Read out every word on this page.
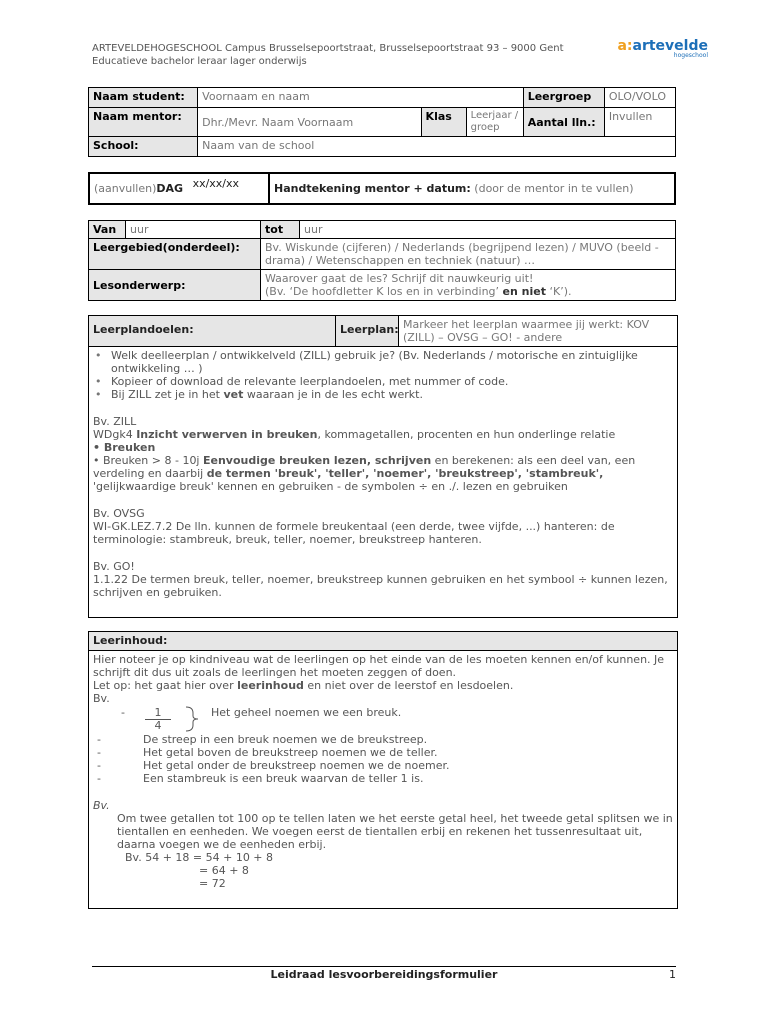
ARTEVELDEHOGESCHOOL Campus Brusselsepoortstraat, Brusselsepoortstraat 93 – 9000 Gent
Educatieve bachelor leraar lager onderwijs
a:artevelde
hogeschool
Naam student:	Voornaam en naam			Leergroep	OLO/VOLO
Naam mentor:	Dhr./Mevr. Naam Voornaam	Klas	Leerjaar / groep	Aantal lln.:	Invullen
School:	Naam van de school				
(aanvullen)DAG xx/xx/xx	Handtekening mentor + datum: (door de mentor in te vullen)
Van	uur	tot	uur
Leergebied(onderdeel):		Bv. Wiskunde (cijferen) / Nederlands (begrijpend lezen) / MUVO (beeld - drama) / Wetenschappen en techniek (natuur) …	
Lesonderwerp:		Waarover gaat de les? Schrijf dit nauwkeurig uit!
(Bv. ‘De hoofdletter K los en in verbinding’ en niet ‘K’).	
Leerplandoelen:	Leerplan: Markeer het leerplan waarmee jij werkt: KOV (ZILL) – OVSG – GO! - andere
• Welk deelleerplan / ontwikkelveld (ZILL) gebruik je? (Bv. Nederlands / motorische en zintuiglijke ontwikkeling … )
• Kopieer of download de relevante leerplandoelen, met nummer of code.
• Bij ZILL zet je in het vet waaraan je in de les echt werkt.
Bv. ZILL
WDgk4 Inzicht verwerven in breuken, kommagetallen, procenten en hun onderlinge relatie
• Breuken
• Breuken > 8 - 10j Eenvoudige breuken lezen, schrijven en berekenen: als een deel van, een verdeling en daarbij de termen 'breuk', 'teller', 'noemer', 'breukstreep', 'stambreuk', 'gelijkwaardige breuk' kennen en gebruiken - de symbolen ÷ en ./. lezen en gebruiken
Bv. OVSG
WI-GK.LEZ.7.2 De lln. kunnen de formele breukentaal (een derde, twee vijfde, ...) hanteren: de terminologie: stambreuk, breuk, teller, noemer, breukstreep hanteren.
Bv. GO!
1.1.22 De termen breuk, teller, noemer, breukstreep kunnen gebruiken en het symbool ÷ kunnen lezen, schrijven en gebruiken.
Leerinhoud:
Hier noteer je op kindniveau wat de leerlingen op het einde van de les moeten kennen en/of kunnen. Je schrijft dit dus uit zoals de leerlingen het moeten zeggen of doen.
Let op: het gaat hier over leerinhoud en niet over de leerstof en lesdoelen.
Bv.
-	1
4
Het geheel noemen we een breuk.
- De streep in een breuk noemen we de breukstreep.
- Het getal boven de breukstreep noemen we de teller.
- Het getal onder de breukstreep noemen we de noemer.
- Een stambreuk is een breuk waarvan de teller 1 is.
Bv.
Om twee getallen tot 100 op te tellen laten we het eerste getal heel, het tweede getal splitsen we in tientallen en eenheden. We voegen eerst de tientallen erbij en rekenen het tussenresultaat uit, daarna voegen we de eenheden erbij.
Bv. 54 + 18 = 54 + 10 + 8
= 64 + 8
= 72
Leidraad lesvoorbereidingsformulier	1
